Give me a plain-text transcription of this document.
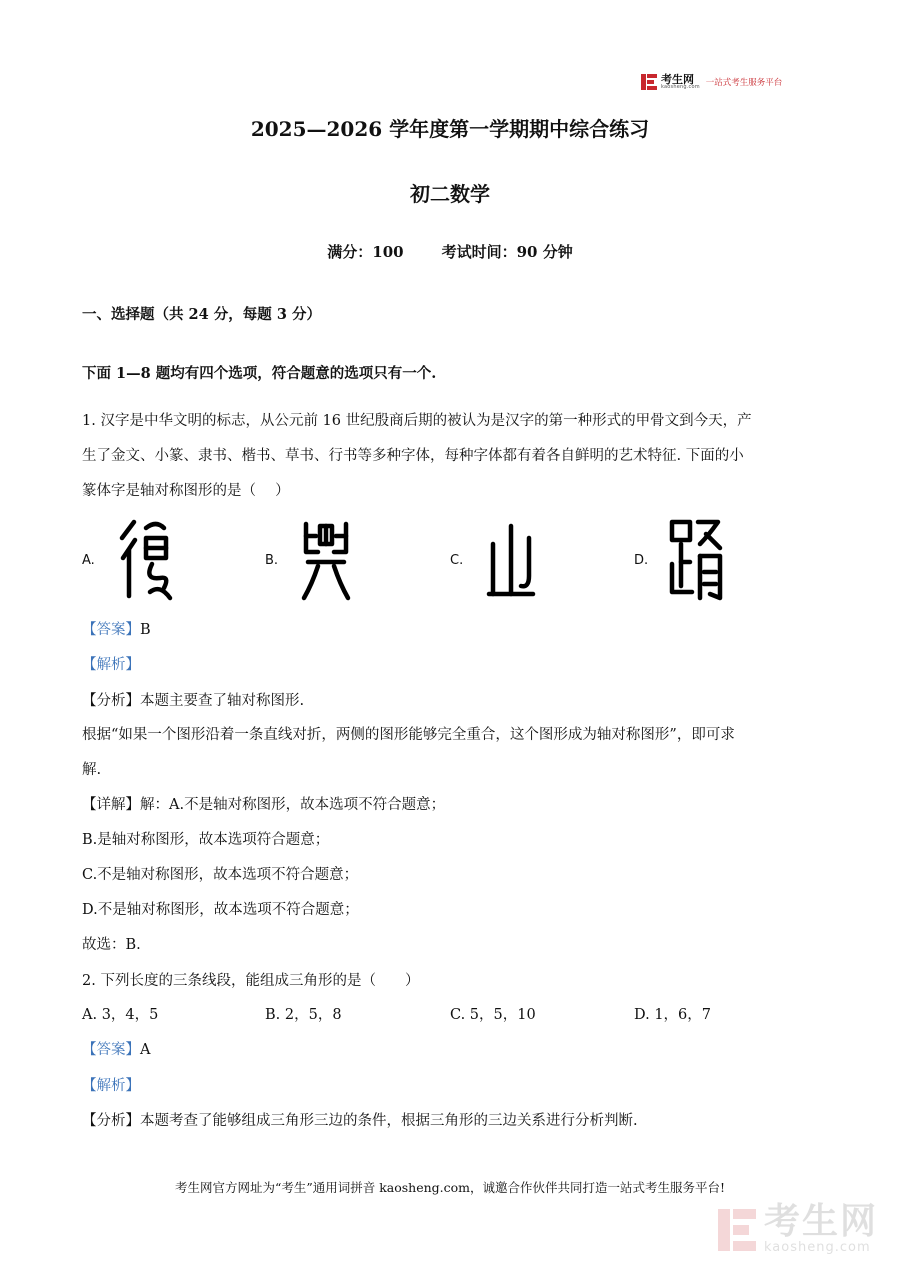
考生网
kaosheng.com 一站式考生服务平台
2025—2026 学年度第一学期期中综合练习
初二数学
满分：100	考试时间：90 分钟
一、选择题（共 24 分，每题 3 分）
下面 1—8 题均有四个选项，符合题意的选项只有一个.
1. 汉字是中华文明的标志，从公元前 16 世纪殷商后期的被认为是汉字的第一种形式的甲骨文到今天，产
生了金文、小篆、隶书、楷书、草书、行书等多种字体，每种字体都有着各自鲜明的艺术特征. 下面的小
篆体字是轴对称图形的是（　 ）
A.	B.	C.	D.
【答案】B
【解析】
【分析】本题主要查了轴对称图形.
根据“如果一个图形沿着一条直线对折，两侧的图形能够完全重合，这个图形成为轴对称图形”，即可求
解.
【详解】解：A.不是轴对称图形，故本选项不符合题意；
B.是轴对称图形，故本选项符合题意；
C.不是轴对称图形，故本选项不符合题意；
D.不是轴对称图形，故本选项不符合题意；
故选：B.
2. 下列长度的三条线段，能组成三角形的是（　　）
A. 3，4，5	B. 2，5，8	C. 5，5，10	D. 1，6，7
【答案】A
【解析】
【分析】本题考查了能够组成三角形三边的条件，根据三角形的三边关系进行分析判断.
考生网官方网址为“考生”通用词拼音 kaosheng.com，诚邀合作伙伴共同打造一站式考生服务平台!
考生网
kaosheng.com
